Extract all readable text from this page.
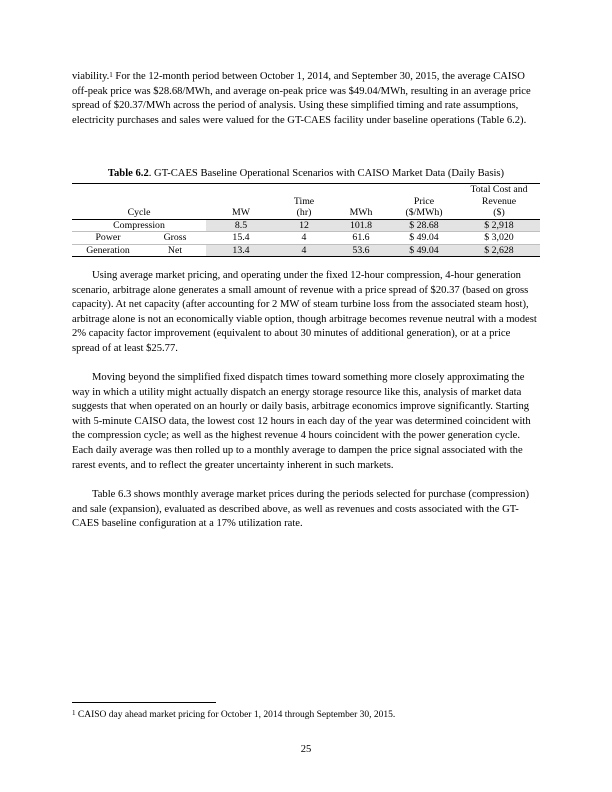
viability.$^1$ For the 12-month period between October 1, 2014, and September 30, 2015, the average CAISO off-peak price was $28.68/MWh, and average on-peak price was $49.04/MWh, resulting in an average price spread of $20.37/MWh across the period of analysis. Using these simplified timing and rate assumptions, electricity purchases and sales were valued for the GT-CAES facility under baseline operations (Table 6.2).

Table 6.2. GT-CAES Baseline Operational Scenarios with CAISO Market Data (Daily Basis)
						Total Cost and
			Time		Price	Revenue
Cycle		MW	(hr)	MWh	($/MWh)	($)
Compression		8.5	12	101.8	$ 28.68	$ 2,918
Power	Gross	15.4	4	61.6	$ 49.04	$ 3,020
Generation	Net	13.4	4	53.6	$ 49.04	$ 2,628

Using average market pricing, and operating under the fixed 12-hour compression, 4-hour generation scenario, arbitrage alone generates a small amount of revenue with a price spread of $20.37 (based on gross capacity). At net capacity (after accounting for 2 MW of steam turbine loss from the associated steam host), arbitrage alone is not an economically viable option, though arbitrage becomes revenue neutral with a modest 2% capacity factor improvement (equivalent to about 30 minutes of additional generation), or at a price spread of at least $25.77.

Moving beyond the simplified fixed dispatch times toward something more closely approximating the way in which a utility might actually dispatch an energy storage resource like this, analysis of market data suggests that when operated on an hourly or daily basis, arbitrage economics improve significantly. Starting with 5-minute CAISO data, the lowest cost 12 hours in each day of the year was determined coincident with the compression cycle; as well as the highest revenue 4 hours coincident with the power generation cycle. Each daily average was then rolled up to a monthly average to dampen the price signal associated with the rarest events, and to reflect the greater uncertainty inherent in such markets.

Table 6.3 shows monthly average market prices during the periods selected for purchase (compression) and sale (expansion), evaluated as described above, as well as revenues and costs associated with the GT-CAES baseline configuration at a 17% utilization rate.

$^1$ CAISO day ahead market pricing for October 1, 2014 through September 30, 2015.
25
